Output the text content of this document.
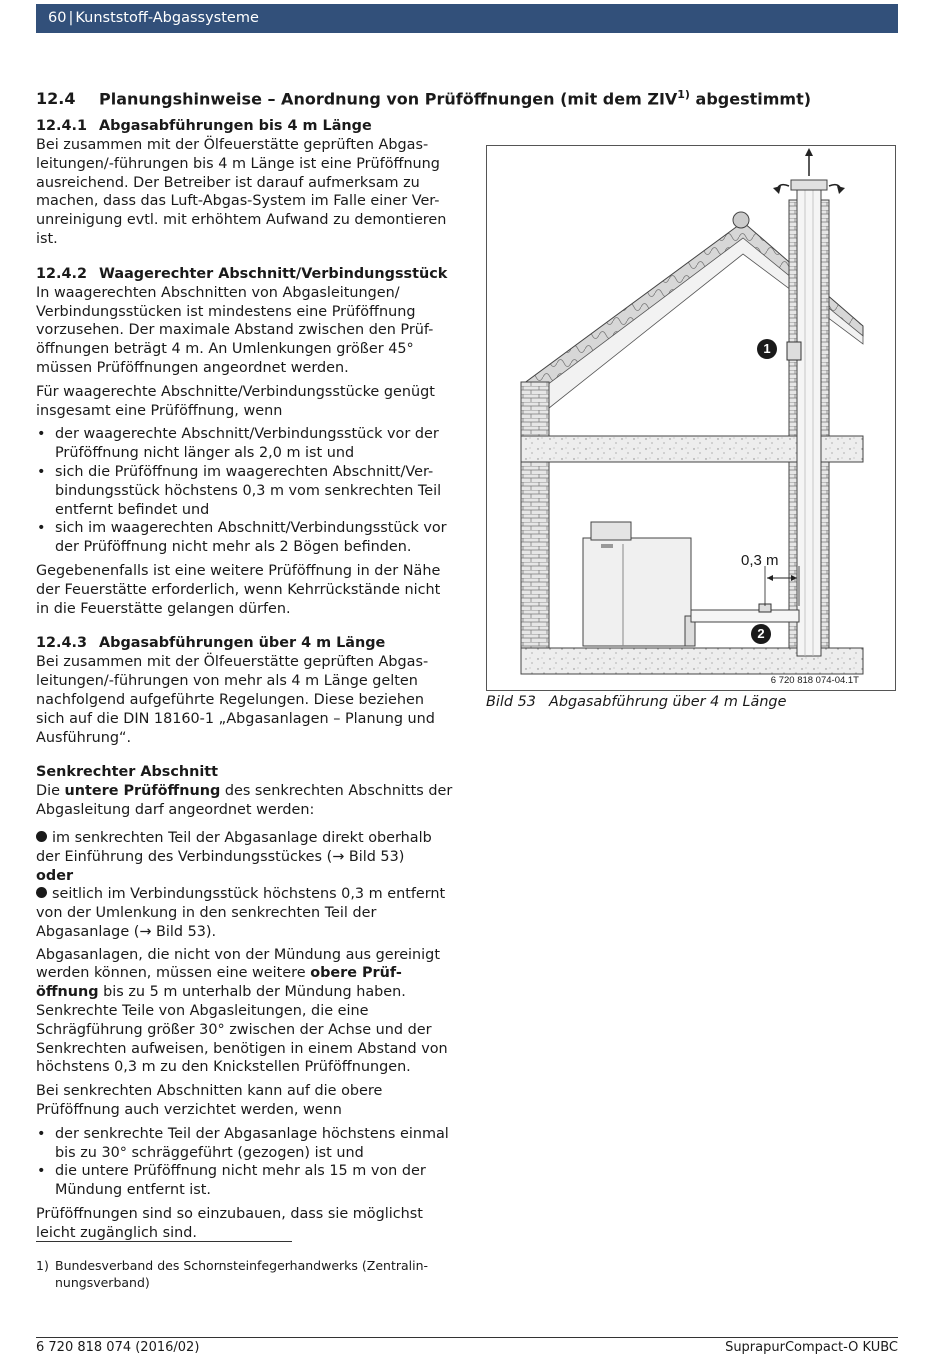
60 | Kunststoff-Abgassysteme
12.4 Planungshinweise – Anordnung von Prüföffnungen (mit dem ZIV$^{1)}$ abgestimmt)
12.4.1 Abgasabführungen bis 4 m Länge

Bei zusammen mit der Ölfeuerstätte geprüften Abgas-leitungen/-führungen bis 4 m Länge ist eine Prüföffnung ausreichend. Der Betreiber ist darauf aufmerksam zu machen, dass das Luft-Abgas-System im Falle einer Ver-unreinigung evtl. mit erhöhtem Aufwand zu demontieren ist.

12.4.2 Waagerechter Abschnitt/Verbindungsstück

In waagerechten Abschnitten von Abgasleitungen/ Verbindungsstücken ist mindestens eine Prüföffnung vorzusehen. Der maximale Abstand zwischen den Prüf-öffnungen beträgt 4 m. An Umlenkungen größer 45° müssen Prüföffnungen angeordnet werden.

Für waagerechte Abschnitte/Verbindungsstücke genügt insgesamt eine Prüföffnung, wenn

• der waagerechte Abschnitt/Verbindungsstück vor der Prüföffnung nicht länger als 2,0 m ist und
• sich die Prüföffnung im waagerechten Abschnitt/Ver-bindungsstück höchstens 0,3 m vom senkrechten Teil entfernt befindet und
• sich im waagerechten Abschnitt/Verbindungsstück vor der Prüföffnung nicht mehr als 2 Bögen befinden.

Gegebenenfalls ist eine weitere Prüföffnung in der Nähe der Feuerstätte erforderlich, wenn Kehrrückstände nicht in die Feuerstätte gelangen dürfen.

12.4.3 Abgasabführungen über 4 m Länge

Bei zusammen mit der Ölfeuerstätte geprüften Abgas-leitungen/-führungen von mehr als 4 m Länge gelten nachfolgend aufgeführte Regelungen. Diese beziehen sich auf die DIN 18160-1 „Abgasanlagen – Planung und Ausführung“.

Senkrechter Abschnitt

Die untere Prüföffnung des senkrechten Abschnitts der Abgasleitung darf angeordnet werden:

im senkrechten Teil der Abgasanlage direkt oberhalb der Einführung des Verbindungsstückes (→ Bild 53)
oder
seitlich im Verbindungsstück höchstens 0,3 m entfernt von der Umlenkung in den senkrechten Teil der Abgasanlage (→ Bild 53).

Abgasanlagen, die nicht von der Mündung aus gereinigt werden können, müssen eine weitere obere Prüf-öffnung bis zu 5 m unterhalb der Mündung haben. Senkrechte Teile von Abgasleitungen, die eine Schrägführung größer 30° zwischen der Achse und der Senkrechten aufweisen, benötigen in einem Abstand von höchstens 0,3 m zu den Knickstellen Prüföffnungen.

Bei senkrechten Abschnitten kann auf die obere Prüföffnung auch verzichtet werden, wenn

• der senkrechte Teil der Abgasanlage höchstens einmal bis zu 30° schräggeführt (gezogen) ist und
• die untere Prüföffnung nicht mehr als 15 m von der Mündung entfernt ist.

Prüföffnungen sind so einzubauen, dass sie möglichst leicht zugänglich sind.

1
2
0,3 m
6 720 818 074-04.1T
Bild 53 Abgasabführung über 4 m Länge
1) Bundesverband des Schornsteinfegerhandwerks (Zentralin-nungsverband)
6 720 818 074 (2016/02)	SuprapurCompact-O KUBC
